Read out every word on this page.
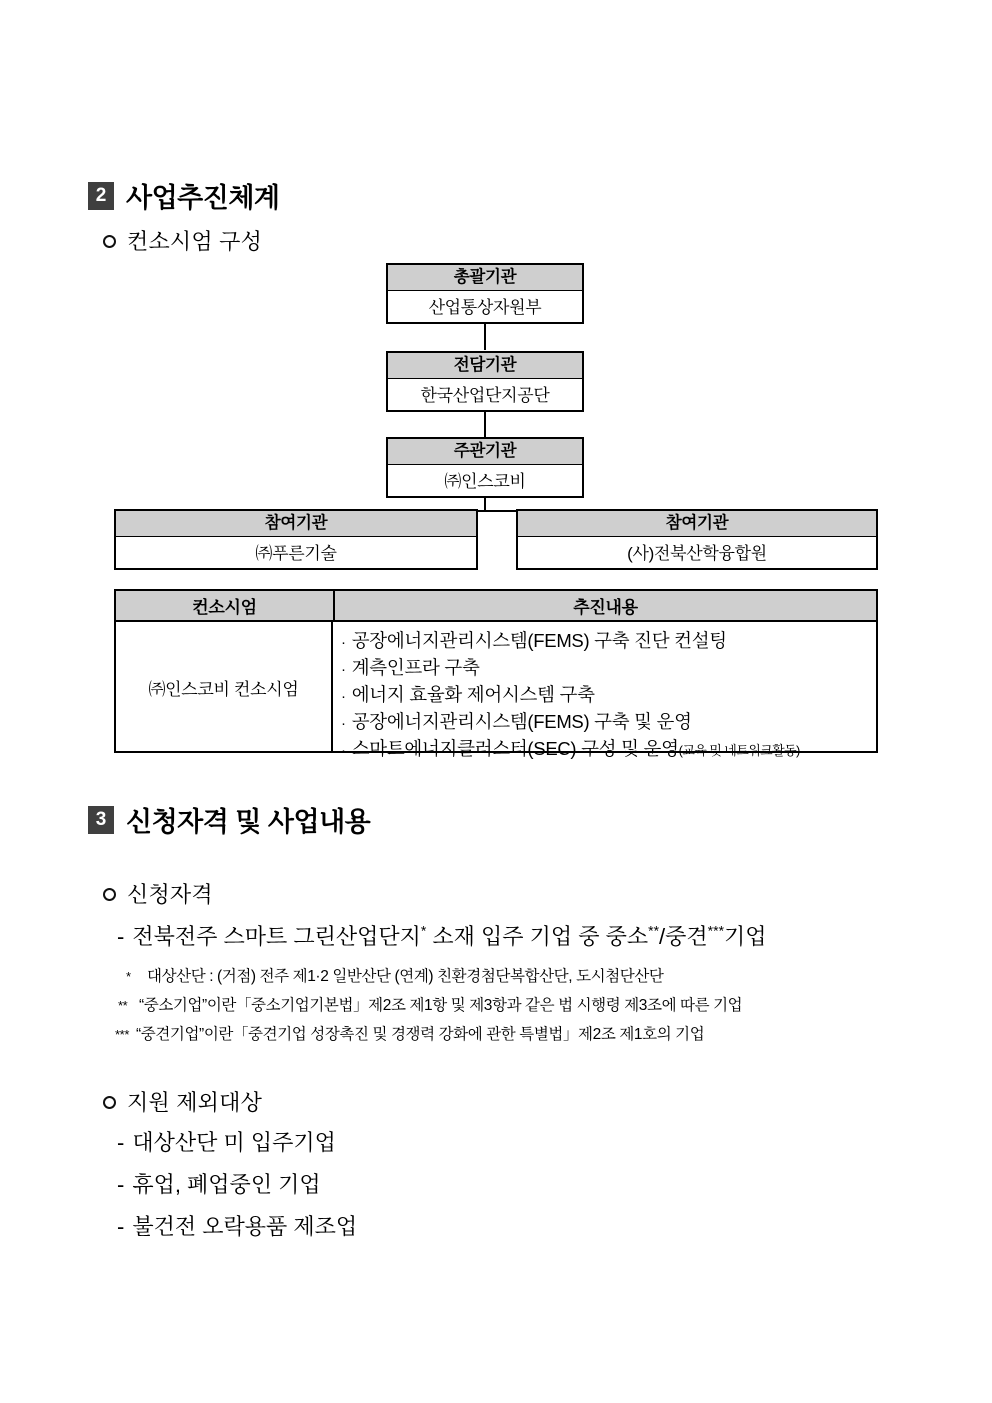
2 사업추진체계
컨소시엄 구성
총괄기관
산업통상자원부
전담기관
한국산업단지공단
주관기관
㈜인스코비
참여기관
㈜푸른기술
참여기관
(사)전북산학융합원
컨소시엄	추진내용
㈜인스코비 컨소시엄
· 공장에너지관리시스템(FEMS) 구축 진단 컨설팅
· 계측인프라 구축
· 에너지 효율화 제어시스템 구축
· 공장에너지관리시스템(FEMS) 구축 및 운영
· 스마트에너지클러스터(SEC) 구성 및 운영(교육 및 네트워크활동)
3 신청자격 및 사업내용
신청자격
- 전북전주 스마트 그린산업단지* 소재 입주 기업 중 중소**/중견***기업
*	대상산단 : (거점) 전주 제1·2 일반산단 (연계) 친환경첨단복합산단, 도시첨단산단
** “중소기업”이란「중소기업기본법」제2조 제1항 및 제3항과 같은 법 시행령 제3조에 따른 기업
*** “중견기업”이란「중견기업 성장촉진 및 경쟁력 강화에 관한 특별법」제2조 제1호의 기업
지원 제외대상
- 대상산단 미 입주기업
- 휴업, 폐업중인 기업
- 불건전 오락용품 제조업
